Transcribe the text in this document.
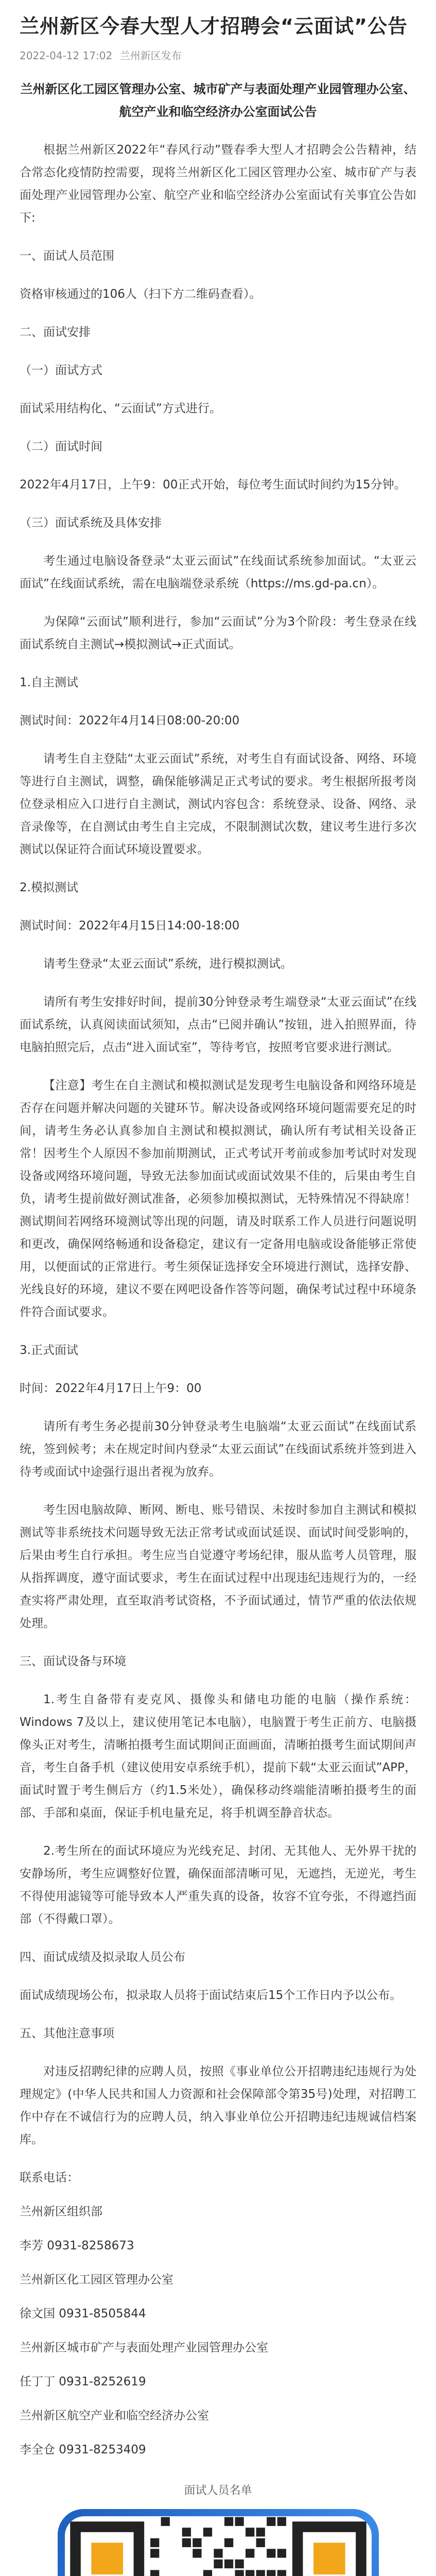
兰州新区今春大型人才招聘会“云面试”公告
2022-04-12 17:02 兰州新区发布
兰州新区化工园区管理办公室、城市矿产与表面处理产业园管理办公室、航空产业和临空经济办公室面试公告
根据兰州新区2022年“春风行动”暨春季大型人才招聘会公告精神，结合常态化疫情防控需要，现将兰州新区化工园区管理办公室、城市矿产与表面处理产业园管理办公室、航空产业和临空经济办公室面试有关事宜公告如下:
一、面试人员范围
资格审核通过的106人（扫下方二维码查看）。
二、面试安排
（一）面试方式
面试采用结构化、“云面试”方式进行。
（二）面试时间
2022年4月17日，上午9：00正式开始，每位考生面试时间约为15分钟。
（三）面试系统及具体安排
考生通过电脑设备登录“太亚云面试”在线面试系统参加面试。“太亚云面试”在线面试系统，需在电脑端登录系统（https://ms.gd-pa.cn）。
为保障“云面试”顺利进行，参加“云面试”分为3个阶段：考生登录在线面试系统自主测试→模拟测试→正式面试。
1.自主测试
测试时间：2022年4月14日08:00-20:00
请考生自主登陆“太亚云面试”系统，对考生自有面试设备、网络、环境等进行自主测试，调整，确保能够满足正式考试的要求。考生根据所报考岗位登录相应入口进行自主测试，测试内容包含：系统登录、设备、网络、录音录像等，在自测试由考生自主完成，不限制测试次数，建议考生进行多次测试以保证符合面试环境设置要求。
2.模拟测试
测试时间：2022年4月15日14:00-18:00
请考生登录“太亚云面试”系统，进行模拟测试。
请所有考生安排好时间，提前30分钟登录考生端登录“太亚云面试”在线面试系统，认真阅读面试须知，点击“已阅并确认”按钮，进入拍照界面，待电脑拍照完后，点击“进入面试室”，等待考官，按照考官要求进行测试。
【注意】考生在自主测试和模拟测试是发现考生电脑设备和网络环境是否存在问题并解决问题的关键环节。解决设备或网络环境问题需要充足的时间，请考生务必认真参加自主测试和模拟测试，确认所有考试相关设备正常！因考生个人原因不参加前期测试，正式考试开考前或参加考试时对发现设备或网络环境问题，导致无法参加面试或面试效果不佳的，后果由考生自负，请考生提前做好测试准备，必须参加模拟测试，无特殊情况不得缺席！测试期间若网络环境测试等出现的问题，请及时联系工作人员进行问题说明和更改，确保网络畅通和设备稳定，建议有一定备用电脑或设备能够正常使用，以便面试的正常进行。考生须保证选择安全环境进行测试，选择安静、光线良好的环境，建议不要在网吧设备作答等问题，确保考试过程中环境条件符合面试要求。
3.正式面试
时间：2022年4月17日上午9：00
请所有考生务必提前30分钟登录考生电脑端“太亚云面试”在线面试系统，签到候考；未在规定时间内登录“太亚云面试”在线面试系统并签到进入待考或面试中途强行退出者视为放弃。
考生因电脑故障、断网、断电、账号错误、未按时参加自主测试和模拟测试等非系统技术问题导致无法正常考试或面试延误、面试时间受影响的，后果由考生自行承担。考生应当自觉遵守考场纪律，服从监考人员管理，服从指挥调度，遵守面试要求，考生在面试过程中出现违纪违规行为的，一经查实将严肃处理，直至取消考试资格，不予面试通过，情节严重的依法依规处理。
三、面试设备与环境
1.考生自备带有麦克风、摄像头和储电功能的电脑（操作系统：Windows 7及以上，建议使用笔记本电脑），电脑置于考生正前方、电脑摄像头正对考生，清晰拍摄考生面试期间正面画面，清晰拍摄考生面试期间声音，考生自备手机（建议使用安卓系统手机），提前下载“太亚云面试”APP，面试时置于考生侧后方（约1.5米处），确保移动终端能清晰拍摄考生的面部、手部和桌面，保证手机电量充足，将手机调至静音状态。
2.考生所在的面试环境应为光线充足、封闭、无其他人、无外界干扰的安静场所，考生应调整好位置，确保面部清晰可见，无遮挡，无逆光，考生不得使用滤镜等可能导致本人严重失真的设备，妆容不宜夸张，不得遮挡面部（不得戴口罩）。
四、面试成绩及拟录取人员公布
面试成绩现场公布，拟录取人员将于面试结束后15个工作日内予以公布。
五、其他注意事项
对违反招聘纪律的应聘人员，按照《事业单位公开招聘违纪违规行为处理规定》(中华人民共和国人力资源和社会保障部令第35号)处理，对招聘工作中存在不诚信行为的应聘人员，纳入事业单位公开招聘违纪违规诚信档案库。
联系电话：
兰州新区组织部
李芳 0931-8258673
兰州新区化工园区管理办公室
徐文国 0931-8505844
兰州新区城市矿产与表面处理产业园管理办公室
任丁丁 0931-8252619
兰州新区航空产业和临空经济办公室
李全仓 0931-8253409
面试人员名单
